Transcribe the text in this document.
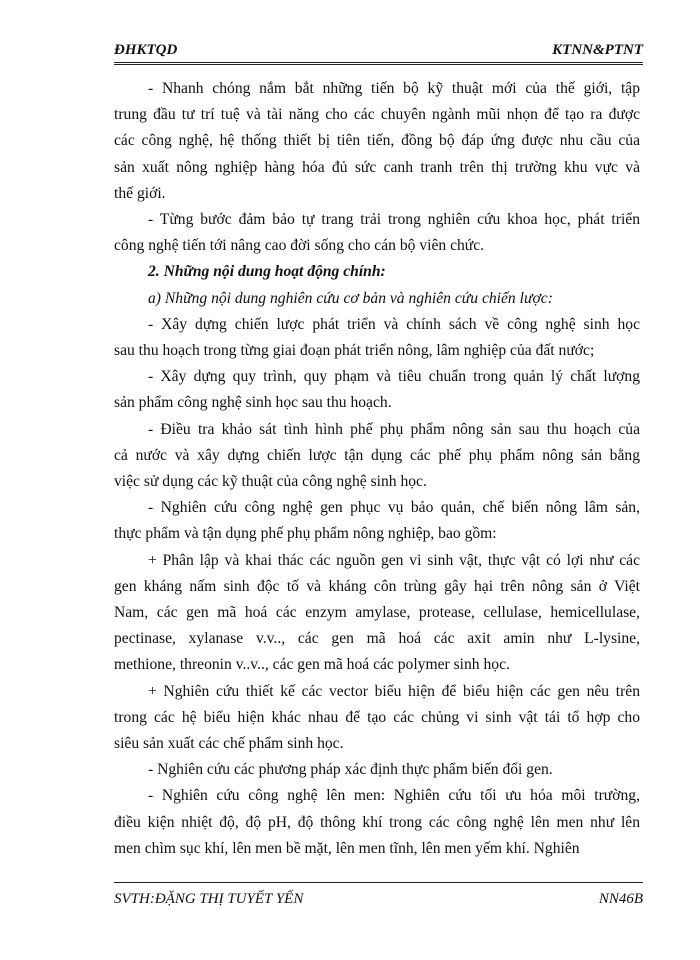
ĐHKTQD	KTNN&PTNT

- Nhanh chóng nắm bắt những tiến bộ kỹ thuật mới của thế giới, tập
trung đầu tư trí tuệ và tài năng cho các chuyên ngành mũi nhọn để tạo ra được
các công nghệ, hệ thống thiết bị tiên tiến, đồng bộ đáp ứng được nhu cầu của
sản xuất nông nghiệp hàng hóa đủ sức canh tranh trên thị trường khu vực và
thế giới.

- Từng bước đảm bảo tự trang trải trong nghiên cứu khoa học, phát triển
công nghệ tiến tới nâng cao đời sống cho cán bộ viên chức.

2. Những nội dung hoạt động chính:

a) Những nội dung nghiên cứu cơ bản và nghiên cứu chiến lược:

- Xây dựng chiến lược phát triển và chính sách về công nghệ sinh học
sau thu hoạch trong từng giai đoạn phát triển nông, lâm nghiệp của đất nước;

- Xây dựng quy trình, quy phạm và tiêu chuẩn trong quản lý chất lượng
sản phẩm công nghệ sinh học sau thu hoạch.

- Điều tra khảo sát tình hình phế phụ phẩm nông sản sau thu hoạch của
cả nước và xây dựng chiến lược tận dụng các phế phụ phẩm nông sản bằng
việc sử dụng các kỹ thuật của công nghệ sinh học.

- Nghiên cứu công nghệ gen phục vụ bảo quản, chế biến nông lâm sản,
thực phẩm và tận dụng phế phụ phẩm nông nghiệp, bao gồm:

+ Phân lập và khai thác các nguồn gen vi sinh vật, thực vật có lợi như các
gen kháng nấm sinh độc tố và kháng côn trùng gây hại trên nông sản ở Việt
Nam, các gen mã hoá các enzym amylase, protease, cellulase, hemicellulase,
pectinase, xylanase v.v.., các gen mã hoá các axit amin như L-lysine,
methione, threonin v..v.., các gen mã hoá các polymer sinh học.

+ Nghiên cứu thiết kế các vector biểu hiện để biểu hiện các gen nêu trên
trong các hệ biểu hiện khác nhau để tạo các chủng vi sinh vật tái tổ hợp cho
siêu sản xuất các chế phẩm sinh học.

- Nghiên cứu các phương pháp xác định thực phẩm biến đổi gen.

- Nghiên cứu công nghệ lên men: Nghiên cứu tối ưu hóa môi trường,
điều kiện nhiệt độ, độ pH, độ thông khí trong các công nghệ lên men như lên
men chìm sục khí, lên men bề mặt, lên men tĩnh, lên men yếm khí. Nghiên

SVTH:ĐẶNG THỊ TUYẾT YẾN	NN46B
